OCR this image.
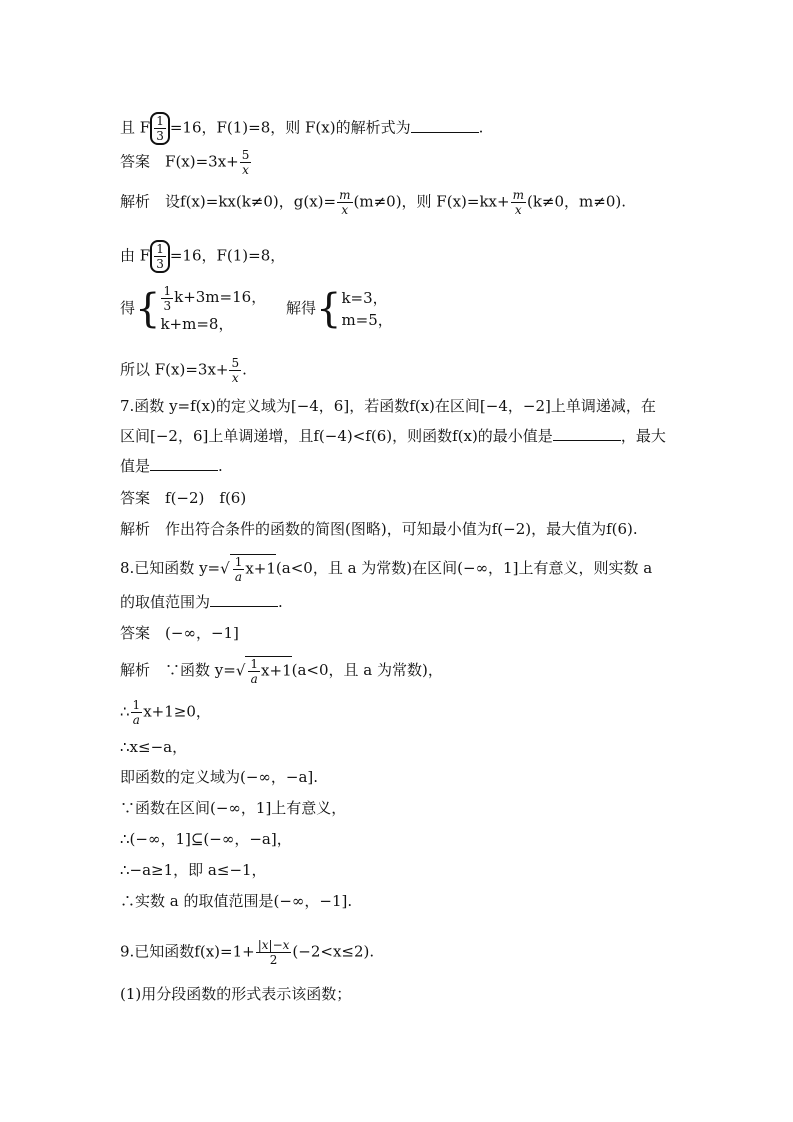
且 F $\frac{1}{3} =16$，F(1)=8，则 F(x)的解析式为	.
答案　 $F(x)=3x+ \frac{5}{x}$
解析　 设f(x)=kx(k≠0)，$g(x)= \frac{m}{x} (m\ne 0)$，则 $F(x)=kx+ \frac{m}{x} (k\ne 0$，m≠0).
由 F $\frac{1}{3} =16$，F(1)=8，
得{ $\frac{1}{3} k+3m=16$，
k+m=8， 　解得{k=3，
m=5，
所以 $F(x)=3x+ \frac{5}{x}$ .
7.函数 y=f(x)的定义域为[−4，6]，若函数f(x)在区间[−4，−2]上单调递减，在
区间[−2，6]上单调递增，且f(−4)<f(6)，则函数f(x)的最小值是	，最大
值是	.
答案　 f(−2)　f(6)
解析　 作出符合条件的函数的简图(图略)，可知最小值为f(−2)，最大值为f(6).
8.已知函数 $y=√ \frac{1}{a} x+1(a<0$，且 a 为常数)在区间(−∞，1]上有意义，则实数 a
的取值范围为	.
答案　 (−∞，−1]
解析　 ∵函数 $y=√ \frac{1}{a} x+1(a<0$，且 a 为常数)，
∴ $\frac{1}{a} x+1\ge 0$，
∴x≤−a，
即函数的定义域为(−∞，−a].
∵函数在区间(−∞，1]上有意义，
∴(−∞，1]⊆(−∞，−a]，
∴−a≥1，即 a≤−1，
∴实数 a 的取值范围是(−∞，−1].
9.已知函数$f(x)=1+ \frac{|x|-x}{2} (-2<x\le 2)$.
(1)用分段函数的形式表示该函数；
